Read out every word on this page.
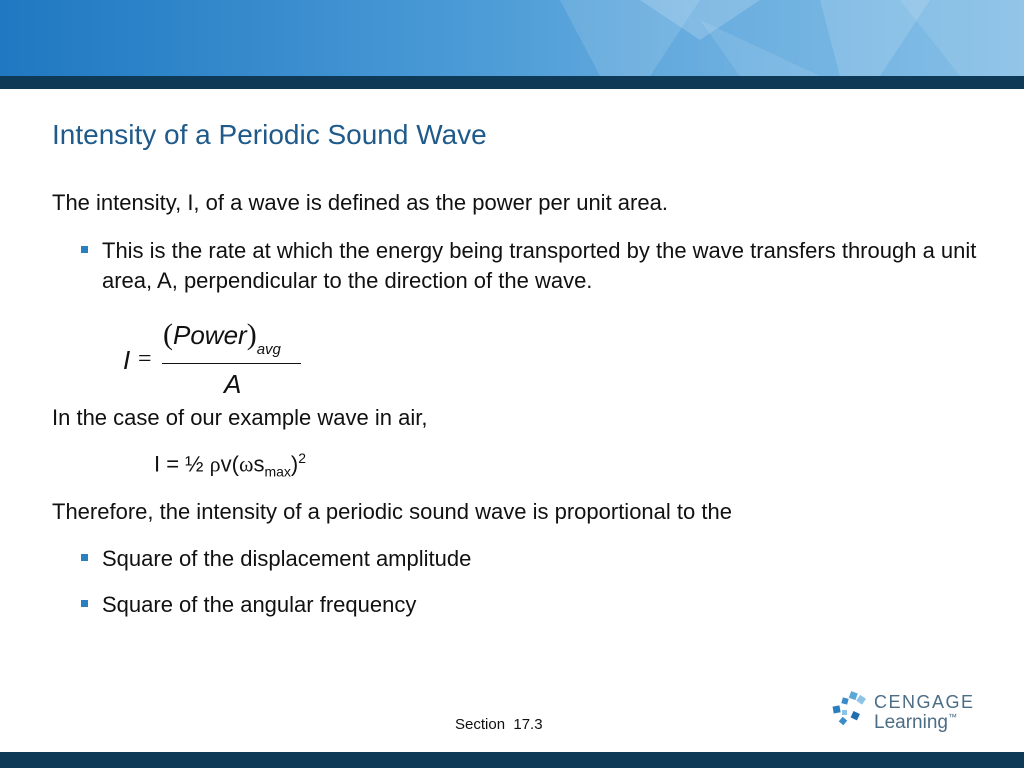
Intensity of a Periodic Sound Wave

The intensity, I, of a wave is defined as the power per unit area.

This is the rate at which the energy being transported by the wave transfers through a unit area, A, perpendicular to the direction of the wave.
I =
$(Power)_{avg}$
A

In the case of our example wave in air,

I = ½ $\rho v(\omega s_{max})^2$

Therefore, the intensity of a periodic sound wave is proportional to the

Square of the displacement amplitude
Square of the angular frequency
Section  17.3
CENGAGE
Learning™
